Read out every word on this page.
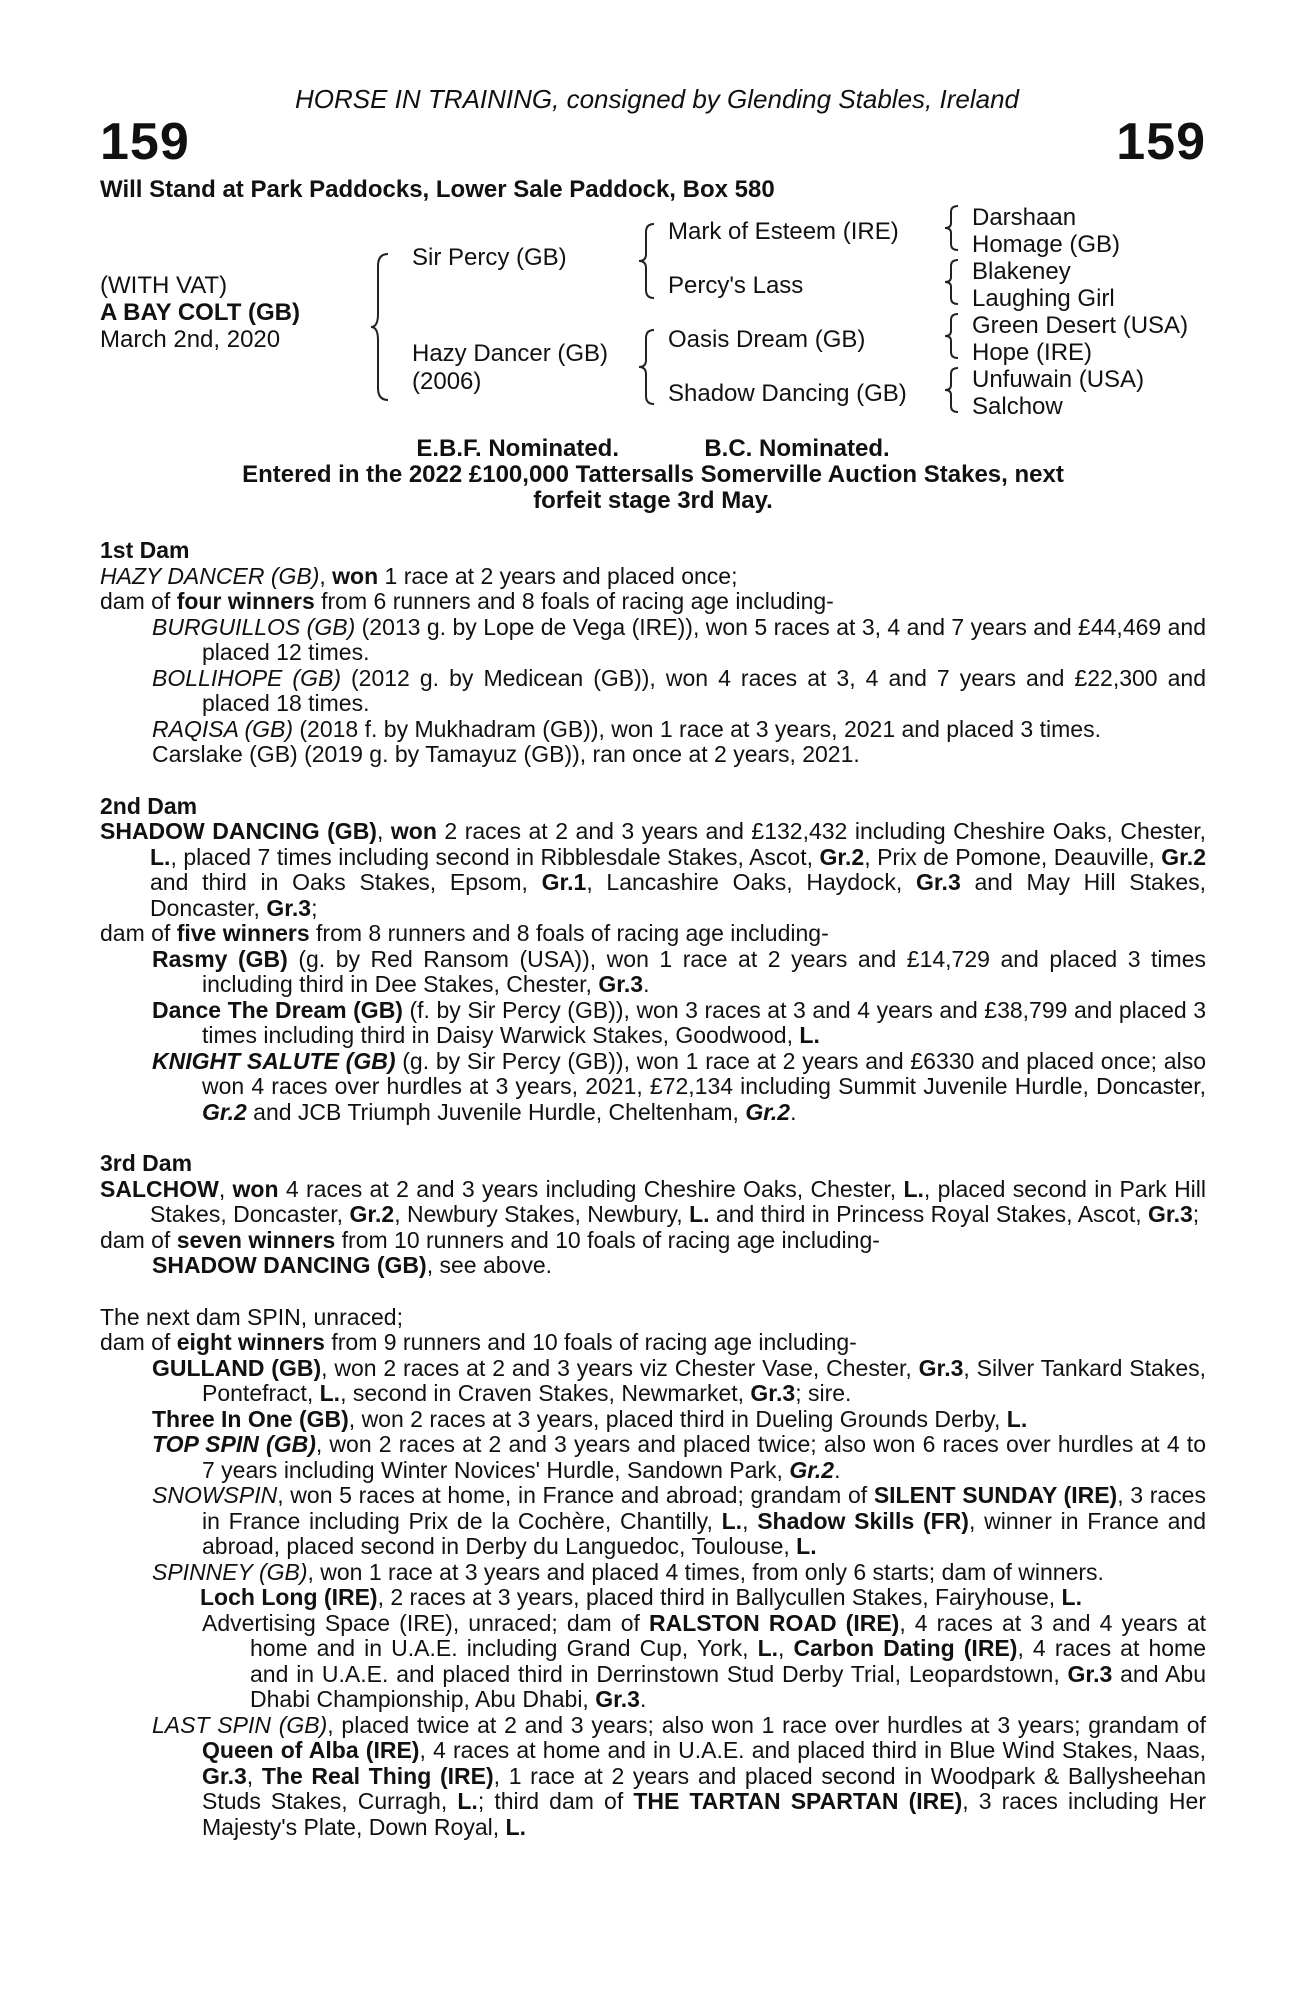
HORSE IN TRAINING, consigned by Glending Stables, Ireland
159	159
Will Stand at Park Paddocks, Lower Sale Paddock, Box 580
(WITH VAT)
A BAY COLT (GB)
March 2nd, 2020
Sir Percy (GB)
Hazy Dancer (GB)
(2006)
Mark of Esteem (IRE)
Percy's Lass
Oasis Dream (GB)
Shadow Dancing (GB)
Darshaan
Homage (GB)
Blakeney
Laughing Girl
Green Desert (USA)
Hope (IRE)
Unfuwain (USA)
Salchow
E.B.F. Nominated.	B.C. Nominated.
Entered in the 2022 £100,000 Tattersalls Somerville Auction Stakes, next
forfeit stage 3rd May.
1st Dam

HAZY DANCER (GB), won 1 race at 2 years and placed once;

dam of four winners from 6 runners and 8 foals of racing age including-

BURGUILLOS (GB) (2013 g. by Lope de Vega (IRE)), won 5 races at 3, 4 and 7 years and £44,469 and placed 12 times.

BOLLIHOPE (GB) (2012 g. by Medicean (GB)), won 4 races at 3, 4 and 7 years and £22,300 and placed 18 times.

RAQISA (GB) (2018 f. by Mukhadram (GB)), won 1 race at 3 years, 2021 and placed 3 times.

Carslake (GB) (2019 g. by Tamayuz (GB)), ran once at 2 years, 2021.

2nd Dam

SHADOW DANCING (GB), won 2 races at 2 and 3 years and £132,432 including Cheshire Oaks, Chester, L., placed 7 times including second in Ribblesdale Stakes, Ascot, Gr.2, Prix de Pomone, Deauville, Gr.2 and third in Oaks Stakes, Epsom, Gr.1, Lancashire Oaks, Haydock, Gr.3 and May Hill Stakes, Doncaster, Gr.3;

dam of five winners from 8 runners and 8 foals of racing age including-

Rasmy (GB) (g. by Red Ransom (USA)), won 1 race at 2 years and £14,729 and placed 3 times including third in Dee Stakes, Chester, Gr.3.

Dance The Dream (GB) (f. by Sir Percy (GB)), won 3 races at 3 and 4 years and £38,799 and placed 3 times including third in Daisy Warwick Stakes, Goodwood, L.

KNIGHT SALUTE (GB) (g. by Sir Percy (GB)), won 1 race at 2 years and £6330 and placed once; also won 4 races over hurdles at 3 years, 2021, £72,134 including Summit Juvenile Hurdle, Doncaster, Gr.2 and JCB Triumph Juvenile Hurdle, Cheltenham, Gr.2.

3rd Dam

SALCHOW, won 4 races at 2 and 3 years including Cheshire Oaks, Chester, L., placed second in Park Hill Stakes, Doncaster, Gr.2, Newbury Stakes, Newbury, L. and third in Princess Royal Stakes, Ascot, Gr.3;

dam of seven winners from 10 runners and 10 foals of racing age including-

SHADOW DANCING (GB), see above.

The next dam SPIN, unraced;

dam of eight winners from 9 runners and 10 foals of racing age including-

GULLAND (GB), won 2 races at 2 and 3 years viz Chester Vase, Chester, Gr.3, Silver Tankard Stakes, Pontefract, L., second in Craven Stakes, Newmarket, Gr.3; sire.

Three In One (GB), won 2 races at 3 years, placed third in Dueling Grounds Derby, L.

TOP SPIN (GB), won 2 races at 2 and 3 years and placed twice; also won 6 races over hurdles at 4 to 7 years including Winter Novices' Hurdle, Sandown Park, Gr.2.

SNOWSPIN, won 5 races at home, in France and abroad; grandam of SILENT SUNDAY (IRE), 3 races in France including Prix de la Cochère, Chantilly, L., Shadow Skills (FR), winner in France and abroad, placed second in Derby du Languedoc, Toulouse, L.

SPINNEY (GB), won 1 race at 3 years and placed 4 times, from only 6 starts; dam of winners.

Loch Long (IRE), 2 races at 3 years, placed third in Ballycullen Stakes, Fairyhouse, L.

Advertising Space (IRE), unraced; dam of RALSTON ROAD (IRE), 4 races at 3 and 4 years at home and in U.A.E. including Grand Cup, York, L., Carbon Dating (IRE), 4 races at home and in U.A.E. and placed third in Derrinstown Stud Derby Trial, Leopardstown, Gr.3 and Abu Dhabi Championship, Abu Dhabi, Gr.3.

LAST SPIN (GB), placed twice at 2 and 3 years; also won 1 race over hurdles at 3 years; grandam of Queen of Alba (IRE), 4 races at home and in U.A.E. and placed third in Blue Wind Stakes, Naas, Gr.3, The Real Thing (IRE), 1 race at 2 years and placed second in Woodpark & Ballysheehan Studs Stakes, Curragh, L.; third dam of THE TARTAN SPARTAN (IRE), 3 races including Her Majesty's Plate, Down Royal, L.
